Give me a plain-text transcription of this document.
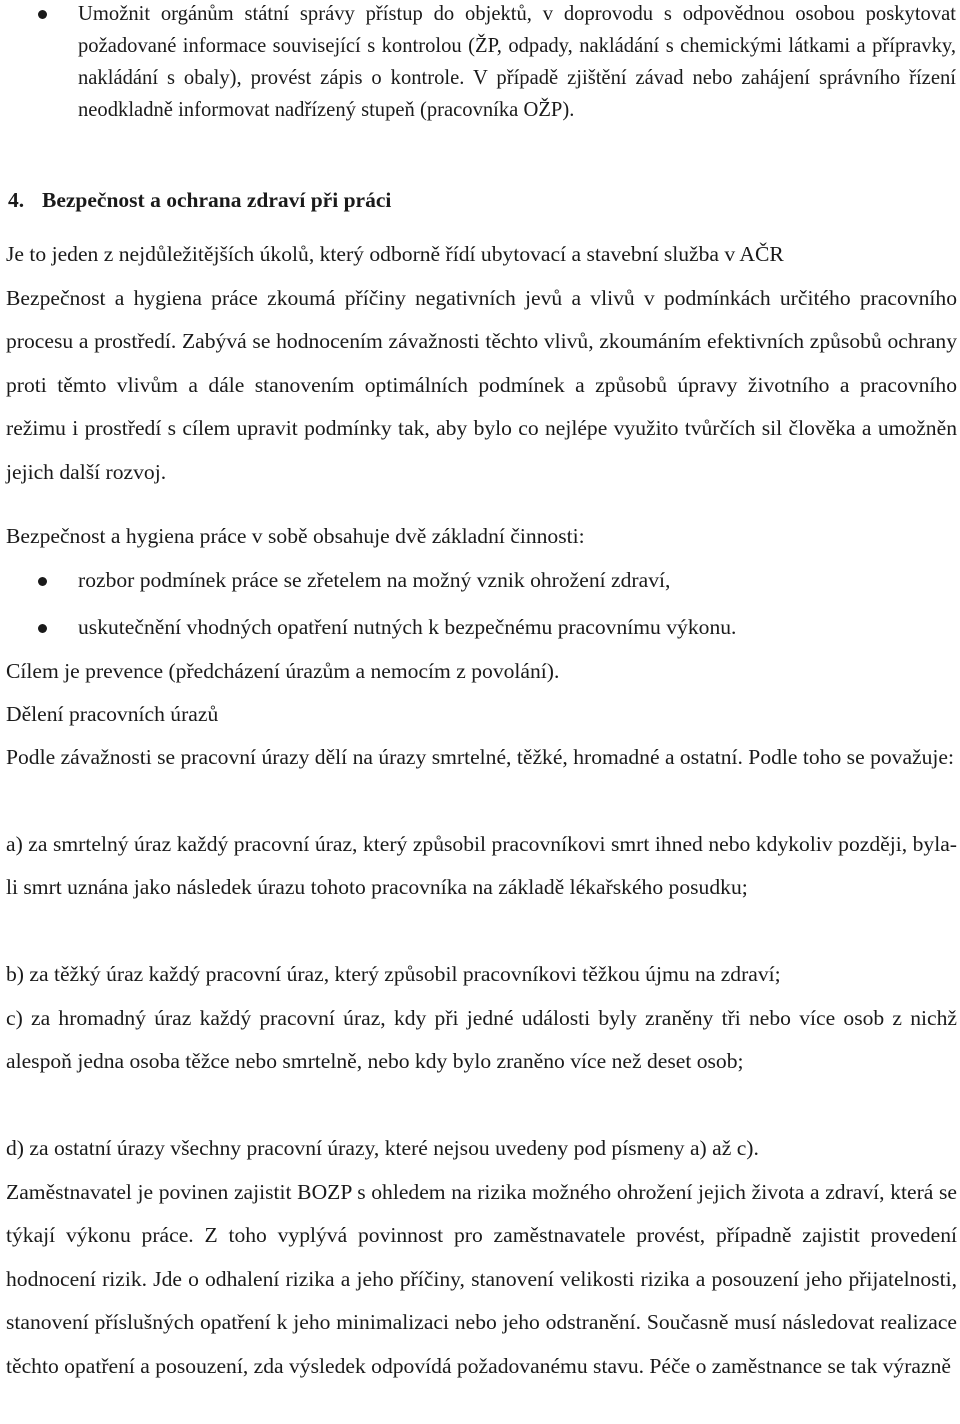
Umožnit orgánům státní správy přístup do objektů, v doprovodu s odpovědnou osobou poskytovat požadované informace související s kontrolou (ŽP, odpady, nakládání s chemickými látkami a přípravky, nakládání s obaly), provést zápis o kontrole. V případě zjištění závad nebo zahájení správního řízení neodkladně informovat nadřízený stupeň (pracovníka OŽP).

4. Bezpečnost a ochrana zdraví při práci

Je to jeden z nejdůležitějších úkolů, který odborně řídí ubytovací a stavební služba v AČR

Bezpečnost a hygiena práce zkoumá příčiny negativních jevů a vlivů v podmínkách určitého pracovního procesu a prostředí. Zabývá se hodnocením závažnosti těchto vlivů, zkoumáním efektivních způsobů ochrany proti těmto vlivům a dále stanovením optimálních podmínek a způsobů úpravy životního a pracovního režimu i prostředí s cílem upravit podmínky tak, aby bylo co nejlépe využito tvůrčích sil člověka a umožněn jejich další rozvoj.

Bezpečnost a hygiena práce v sobě obsahuje dvě základní činnosti:

rozbor podmínek práce se zřetelem na možný vznik ohrožení zdraví,

uskutečnění vhodných opatření nutných k bezpečnému pracovnímu výkonu.

Cílem je prevence (předcházení úrazům a nemocím z povolání).

Dělení pracovních úrazů

Podle závažnosti se pracovní úrazy dělí na úrazy smrtelné, těžké, hromadné a ostatní. Podle toho se považuje:

a) za smrtelný úraz každý pracovní úraz, který způsobil pracovníkovi smrt ihned nebo kdykoliv později, byla-li smrt uznána jako následek úrazu tohoto pracovníka na základě lékařského posudku;

b) za těžký úraz každý pracovní úraz, který způsobil pracovníkovi těžkou újmu na zdraví;

c) za hromadný úraz každý pracovní úraz, kdy při jedné události byly zraněny tři nebo více osob z nichž alespoň jedna osoba těžce nebo smrtelně, nebo kdy bylo zraněno více než deset osob;

d) za ostatní úrazy všechny pracovní úrazy, které nejsou uvedeny pod písmeny a) až c).

Zaměstnavatel je povinen zajistit BOZP s ohledem na rizika možného ohrožení jejich života a zdraví, která se týkají výkonu práce. Z toho vyplývá povinnost pro zaměstnavatele provést, případně zajistit provedení hodnocení rizik. Jde o odhalení rizika a jeho příčiny, stanovení velikosti rizika a posouzení jeho přijatelnosti, stanovení příslušných opatření k jeho minimalizaci nebo jeho odstranění. Současně musí následovat realizace těchto opatření a posouzení, zda výsledek odpovídá požadovanému stavu. Péče o zaměstnance se tak výrazně
